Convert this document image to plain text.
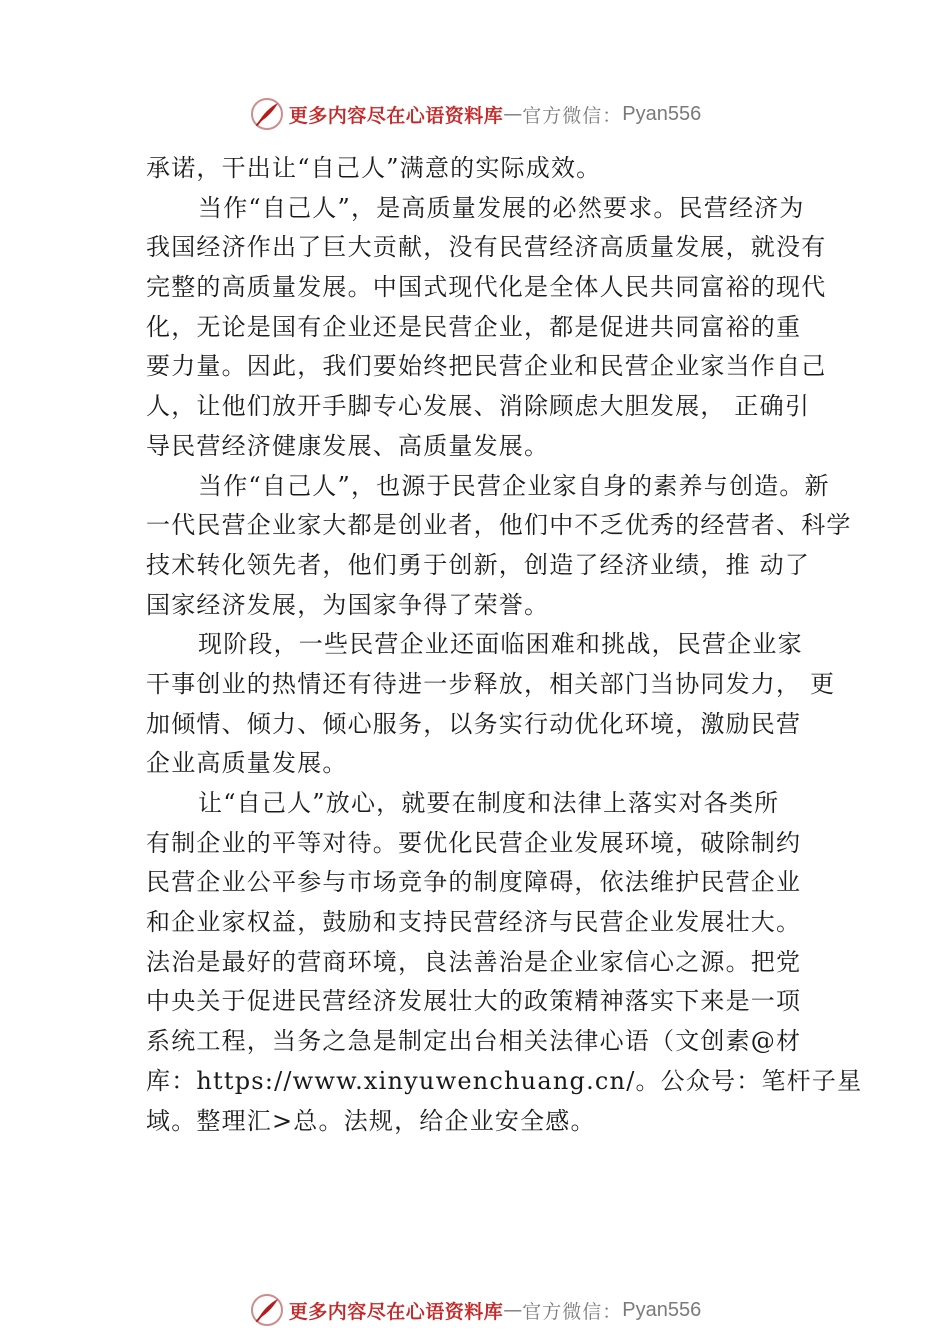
更多内容尽在心语资料库 — 官方微信： Pyan556
承诺，干出让“自己人”满意的实际成效。
当作“自己人”，是高质量发展的必然要求。民营经济为
我国经济作出了巨大贡献，没有民营经济高质量发展，就没有
完整的高质量发展。中国式现代化是全体人民共同富裕的现代
化，无论是国有企业还是民营企业，都是促进共同富裕的重
要力量。因此，我们要始终把民营企业和民营企业家当作自己
人，让他们放开手脚专心发展、消除顾虑大胆发展， 正确引
导民营经济健康发展、高质量发展。
当作“自己人”，也源于民营企业家自身的素养与创造。新
一代民营企业家大都是创业者，他们中不乏优秀的经营者、科学
技术转化领先者，他们勇于创新，创造了经济业绩，推 动了
国家经济发展，为国家争得了荣誉。
现阶段，一些民营企业还面临困难和挑战，民营企业家
干事创业的热情还有待进一步释放，相关部门当协同发力， 更
加倾情、倾力、倾心服务，以务实行动优化环境，激励民营
企业高质量发展。
让“自己人”放心，就要在制度和法律上落实对各类所
有制企业的平等对待。要优化民营企业发展环境，破除制约
民营企业公平参与市场竞争的制度障碍，依法维护民营企业
和企业家权益，鼓励和支持民营经济与民营企业发展壮大。
法治是最好的营商环境，良法善治是企业家信心之源。把党
中央关于促进民营经济发展壮大的政策精神落实下来是一项
系统工程，当务之急是制定出台相关法律心语（文创素@材
库：https://www.xinyuwenchuang.cn/。公众号：笔杆子星
域。整理汇>总。法规，给企业安全感。
更多内容尽在心语资料库 — 官方微信： Pyan556
